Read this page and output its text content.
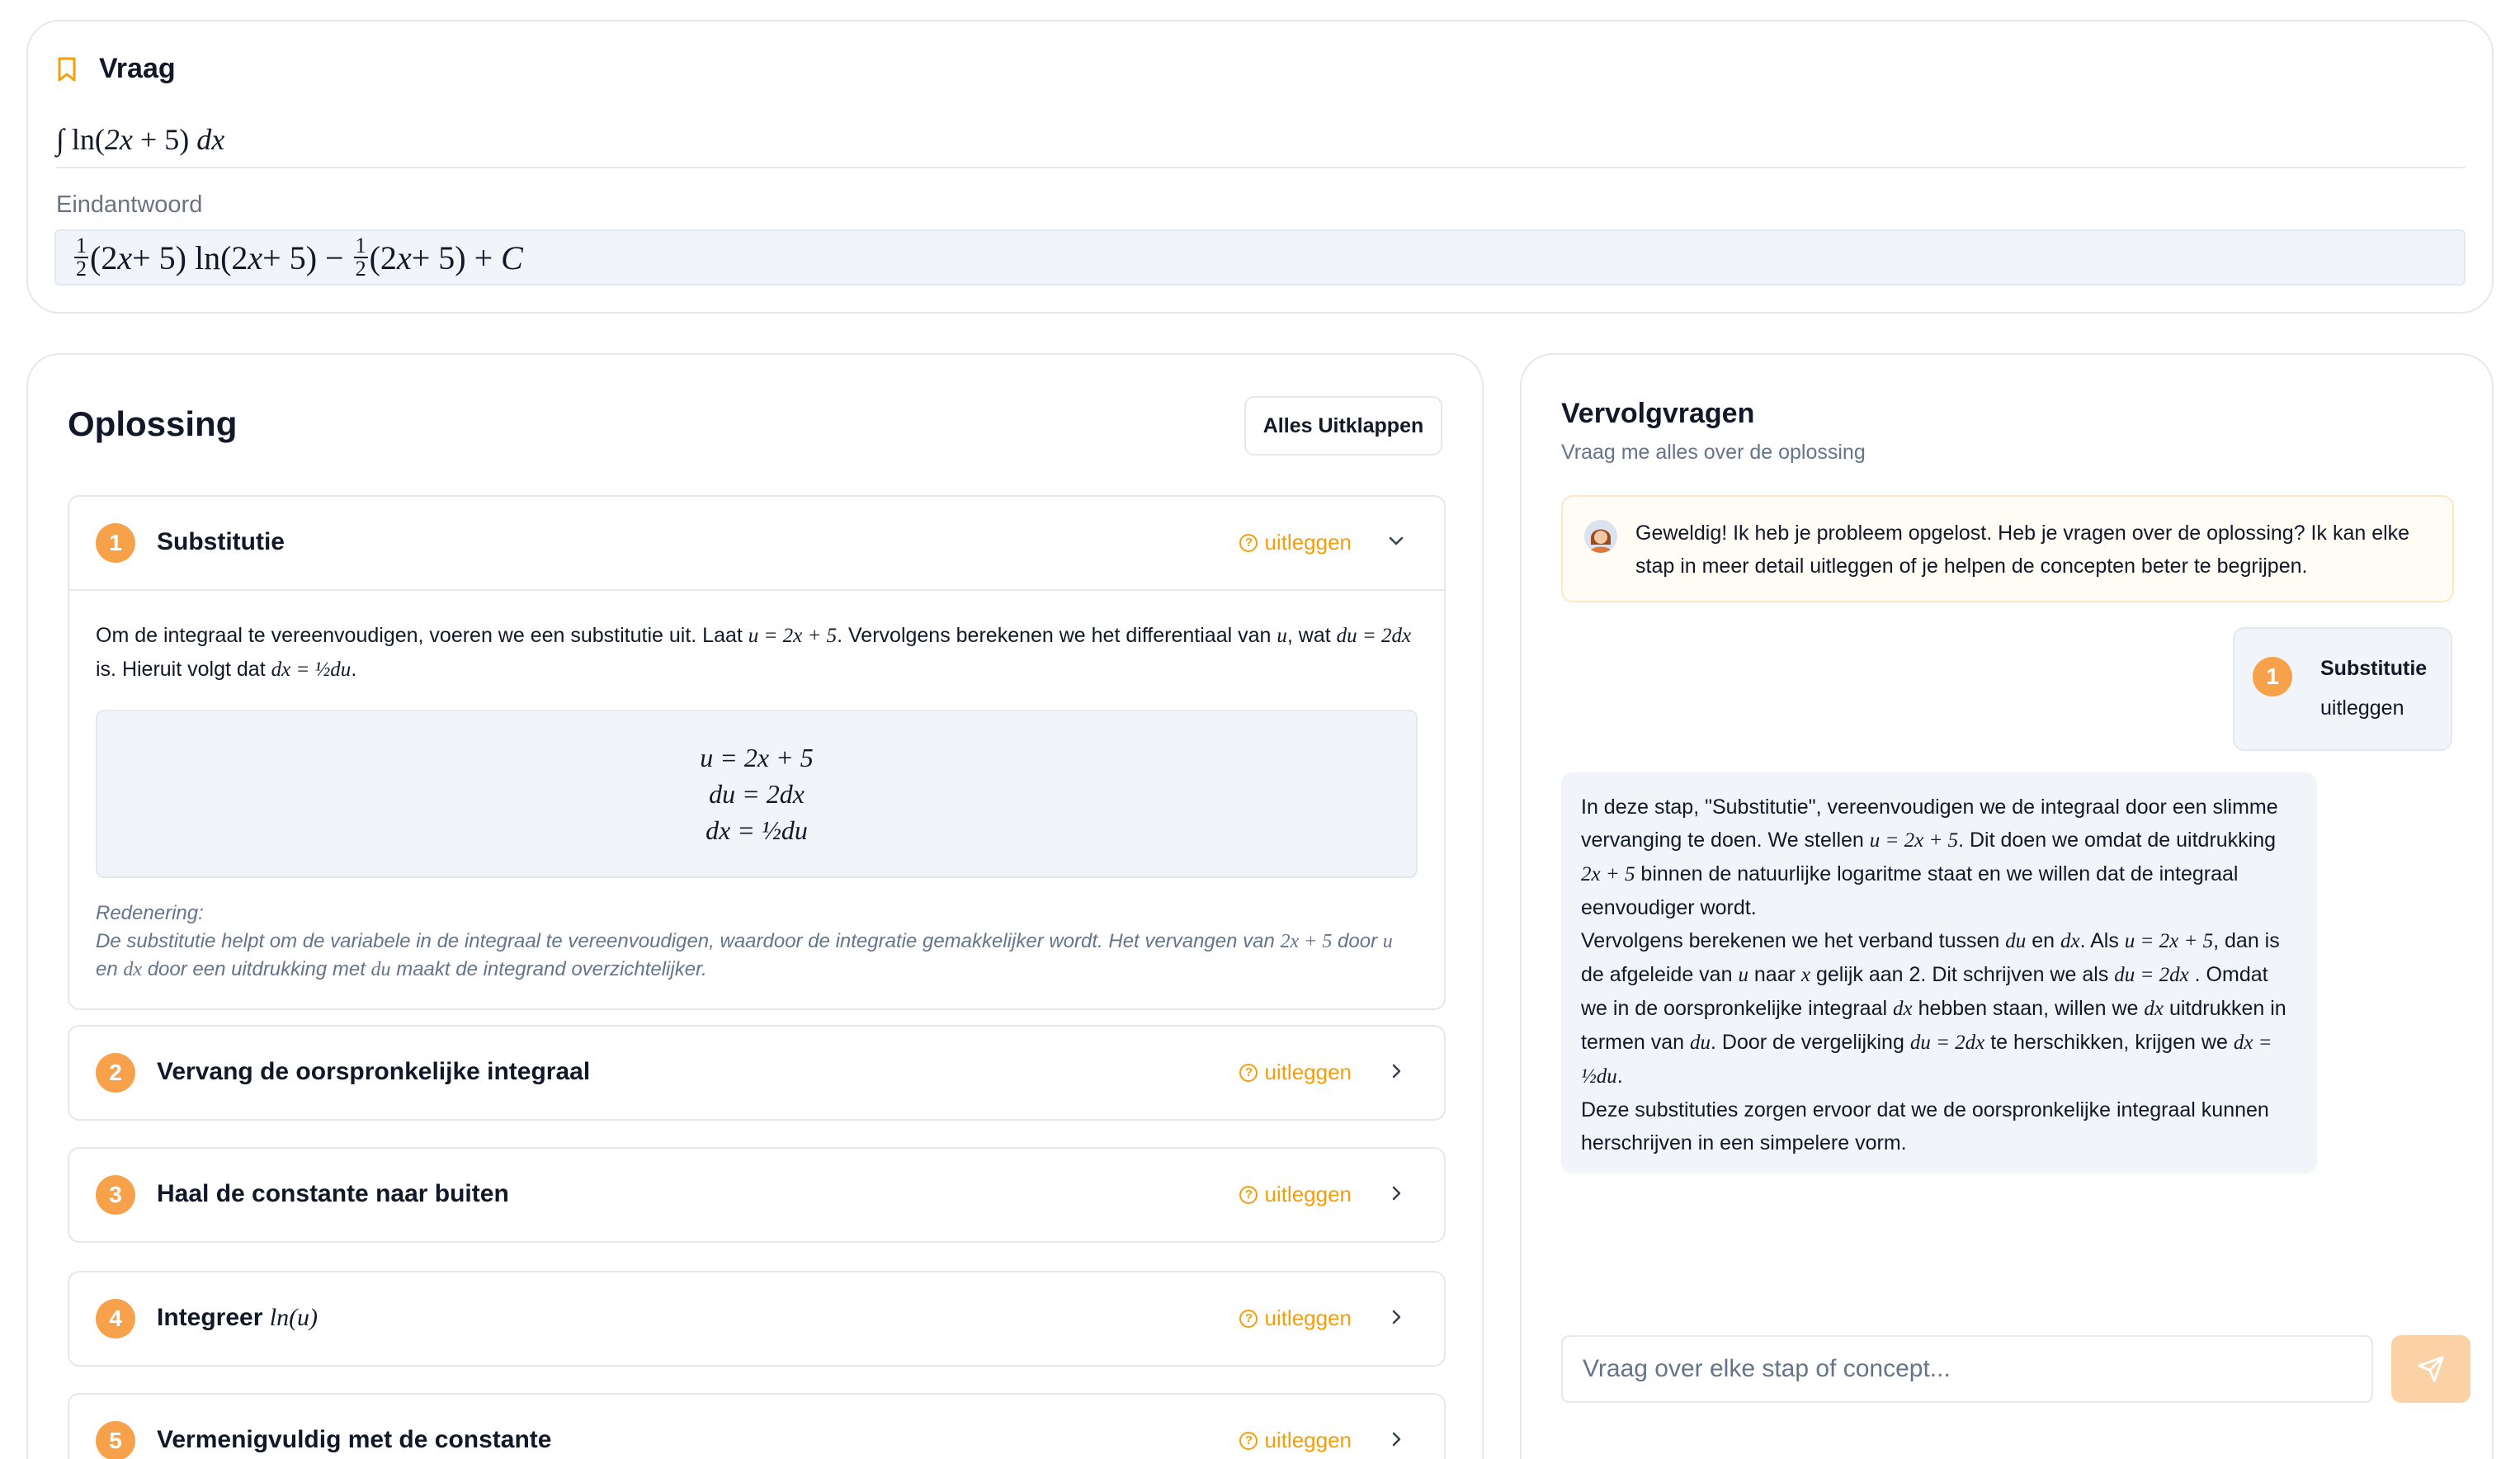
Vraag
∫ ln(2x + 5) dx
Eindantwoord
$\frac{1}{2} (2$ x + 5) ln(2 $x + 5) - \frac{1}{2} (2$ x + 5) + C
Oplossing	Alles Uitklappen
1	Substitutie	? uitleggen

Om de integraal te vereenvoudigen, voeren we een substitutie uit. Laat u = 2x + 5. Vervolgens berekenen we het differentiaal van u, wat du = 2dx is. Hieruit volgt dat dx = ½du.

u = 2x + 5
du = 2dx
dx = ½du
Redenering:
De substitutie helpt om de variabele in de integraal te vereenvoudigen, waardoor de integratie gemakkelijker wordt. Het vervangen van 2x + 5 door u en dx door een uitdrukking met du maakt de integrand overzichtelijker.
2	Vervang de oorspronkelijke integraal	? uitleggen
3	Haal de constante naar buiten	? uitleggen
4	Integreer ln(u)	? uitleggen
5	Vermenigvuldig met de constante	? uitleggen
Vervolgvragen
Vraag me alles over de oplossing
Geweldig! Ik heb je probleem opgelost. Heb je vragen over de oplossing? Ik kan elke stap in meer detail uitleggen of je helpen de concepten beter te begrijpen.
1	Substitutie
uitleggen
In deze stap, "Substitutie", vereenvoudigen we de integraal door een slimme vervanging te doen. We stellen u = 2x + 5. Dit doen we omdat de uitdrukking 2x + 5 binnen de natuurlijke logaritme staat en we willen dat de integraal eenvoudiger wordt.
Vervolgens berekenen we het verband tussen du en dx. Als u = 2x + 5, dan is de afgeleide van u naar x gelijk aan 2. Dit schrijven we als du = 2dx . Omdat we in de oorspronkelijke integraal dx hebben staan, willen we dx uitdrukken in termen van du. Door de vergelijking du = 2dx te herschikken, krijgen we dx = ½du.
Deze substituties zorgen ervoor dat we de oorspronkelijke integraal kunnen herschrijven in een simpelere vorm.
Vraag over elke stap of concept...
